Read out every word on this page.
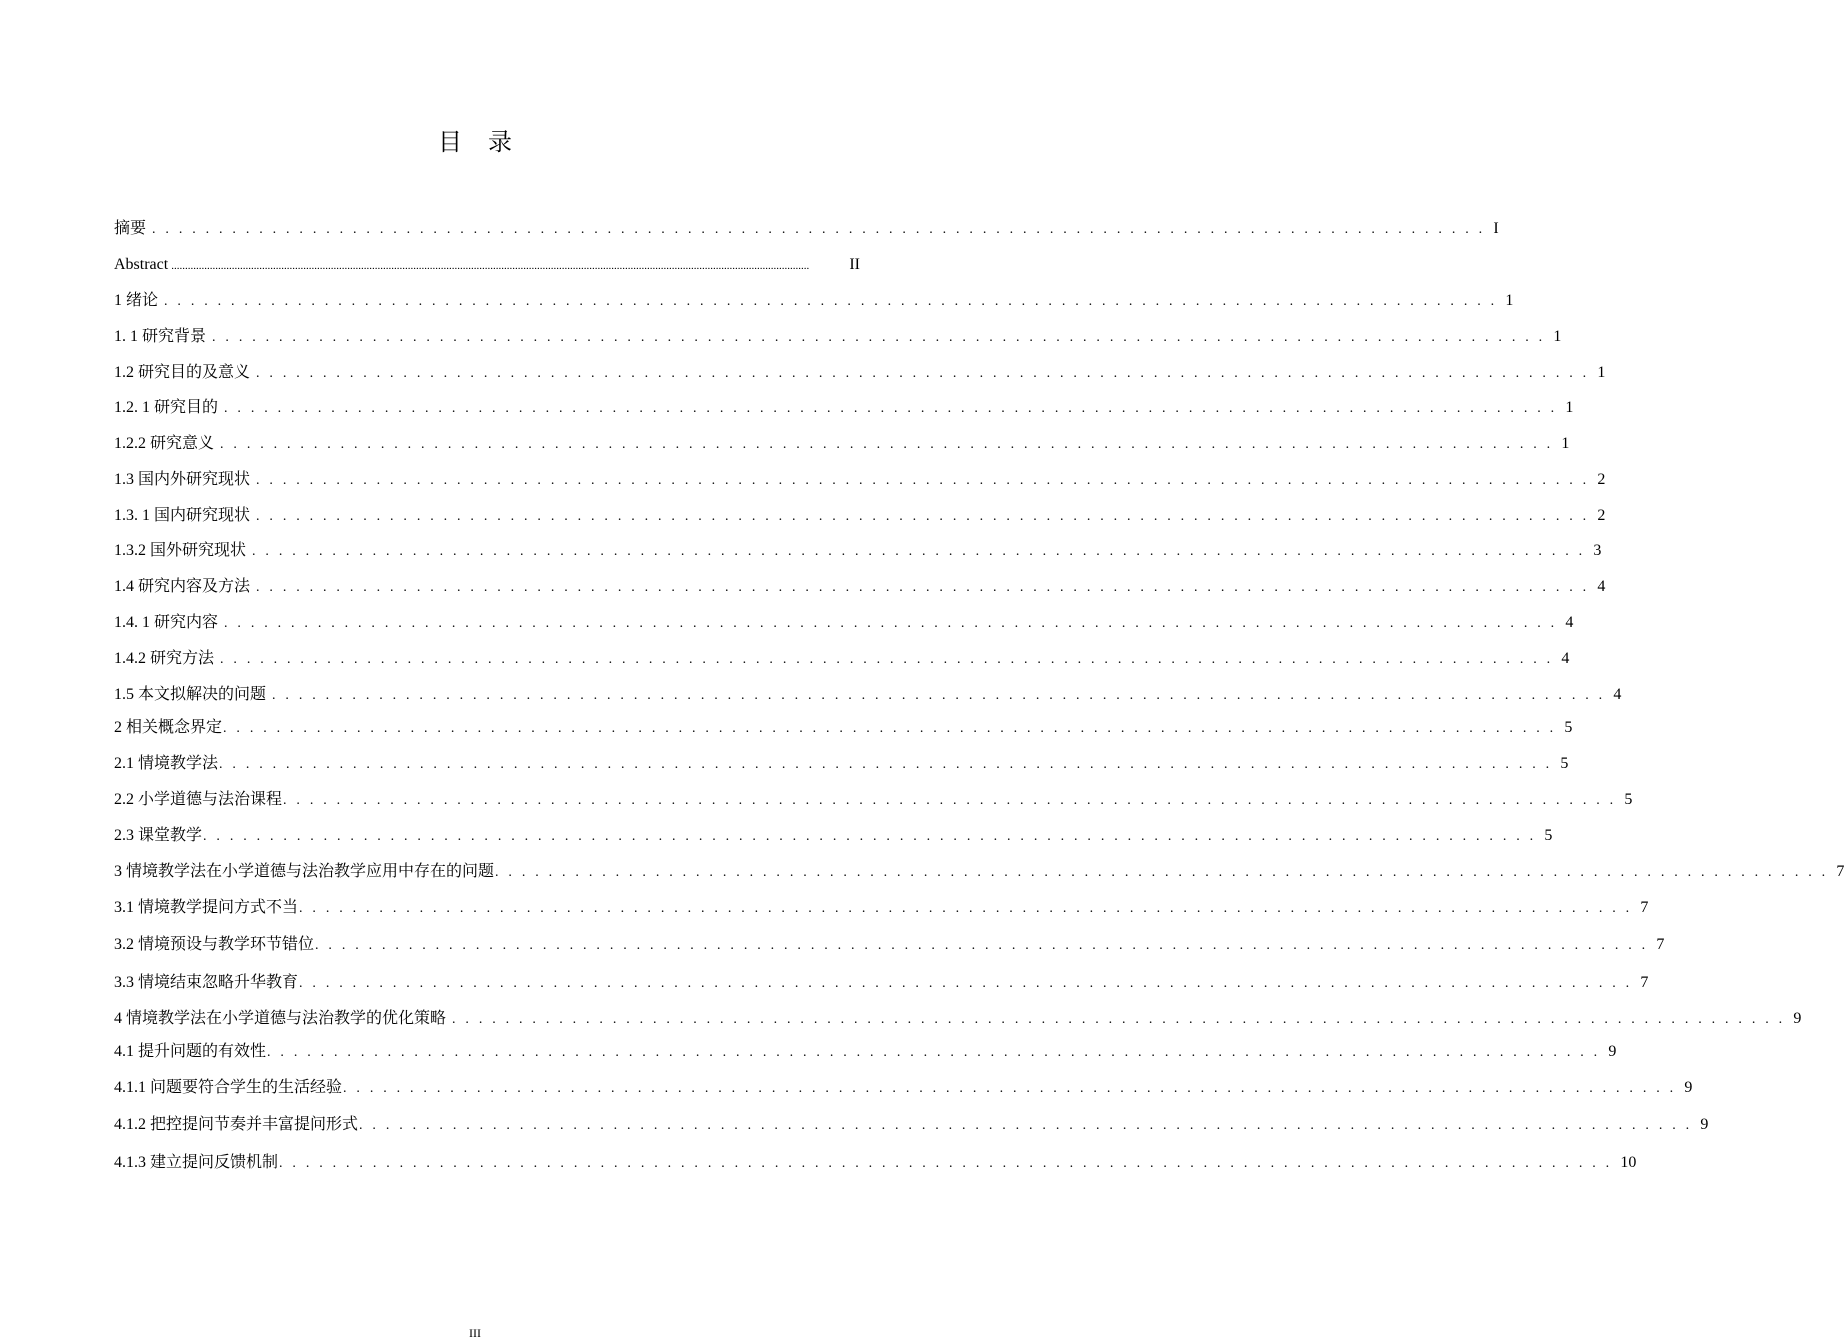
目录
摘要 . . . . . . . . . . . . . . . . . . . . . . . . . . . . . . . . . . . . . . . . . . . . . . . . . . . . . . . . . . . . . . . . . . . . . . . . . . . . . . . . . . . . . . . . . . . . . . . . . . . . I
Abstract ........................................................................................................................................................................................................................................	II
1 绪论 . . . . . . . . . . . . . . . . . . . . . . . . . . . . . . . . . . . . . . . . . . . . . . . . . . . . . . . . . . . . . . . . . . . . . . . . . . . . . . . . . . . . . . . . . . . . . . . . . . . . 1
1. 1 研究背景 . . . . . . . . . . . . . . . . . . . . . . . . . . . . . . . . . . . . . . . . . . . . . . . . . . . . . . . . . . . . . . . . . . . . . . . . . . . . . . . . . . . . . . . . . . . . . . . . . . . . 1
1.2 研究目的及意义 . . . . . . . . . . . . . . . . . . . . . . . . . . . . . . . . . . . . . . . . . . . . . . . . . . . . . . . . . . . . . . . . . . . . . . . . . . . . . . . . . . . . . . . . . . . . . . . . . . . . 1
1.2. 1 研究目的 . . . . . . . . . . . . . . . . . . . . . . . . . . . . . . . . . . . . . . . . . . . . . . . . . . . . . . . . . . . . . . . . . . . . . . . . . . . . . . . . . . . . . . . . . . . . . . . . . . . . 1
1.2.2 研究意义 . . . . . . . . . . . . . . . . . . . . . . . . . . . . . . . . . . . . . . . . . . . . . . . . . . . . . . . . . . . . . . . . . . . . . . . . . . . . . . . . . . . . . . . . . . . . . . . . . . . . 1
1.3 国内外研究现状 . . . . . . . . . . . . . . . . . . . . . . . . . . . . . . . . . . . . . . . . . . . . . . . . . . . . . . . . . . . . . . . . . . . . . . . . . . . . . . . . . . . . . . . . . . . . . . . . . . . . 2
1.3. 1 国内研究现状 . . . . . . . . . . . . . . . . . . . . . . . . . . . . . . . . . . . . . . . . . . . . . . . . . . . . . . . . . . . . . . . . . . . . . . . . . . . . . . . . . . . . . . . . . . . . . . . . . . . . 2
1.3.2 国外研究现状 . . . . . . . . . . . . . . . . . . . . . . . . . . . . . . . . . . . . . . . . . . . . . . . . . . . . . . . . . . . . . . . . . . . . . . . . . . . . . . . . . . . . . . . . . . . . . . . . . . . . 3
1.4 研究内容及方法 . . . . . . . . . . . . . . . . . . . . . . . . . . . . . . . . . . . . . . . . . . . . . . . . . . . . . . . . . . . . . . . . . . . . . . . . . . . . . . . . . . . . . . . . . . . . . . . . . . . . 4
1.4. 1 研究内容 . . . . . . . . . . . . . . . . . . . . . . . . . . . . . . . . . . . . . . . . . . . . . . . . . . . . . . . . . . . . . . . . . . . . . . . . . . . . . . . . . . . . . . . . . . . . . . . . . . . . 4
1.4.2 研究方法 . . . . . . . . . . . . . . . . . . . . . . . . . . . . . . . . . . . . . . . . . . . . . . . . . . . . . . . . . . . . . . . . . . . . . . . . . . . . . . . . . . . . . . . . . . . . . . . . . . . . 4
1.5 本文拟解决的问题 . . . . . . . . . . . . . . . . . . . . . . . . . . . . . . . . . . . . . . . . . . . . . . . . . . . . . . . . . . . . . . . . . . . . . . . . . . . . . . . . . . . . . . . . . . . . . . . . . . . . 4
2 相关概念界定 . . . . . . . . . . . . . . . . . . . . . . . . . . . . . . . . . . . . . . . . . . . . . . . . . . . . . . . . . . . . . . . . . . . . . . . . . . . . . . . . . . . . . . . . . . . . . . . . . . . . 5
2.1 情境教学法 . . . . . . . . . . . . . . . . . . . . . . . . . . . . . . . . . . . . . . . . . . . . . . . . . . . . . . . . . . . . . . . . . . . . . . . . . . . . . . . . . . . . . . . . . . . . . . . . . . . . 5
2.2 小学道德与法治课程 . . . . . . . . . . . . . . . . . . . . . . . . . . . . . . . . . . . . . . . . . . . . . . . . . . . . . . . . . . . . . . . . . . . . . . . . . . . . . . . . . . . . . . . . . . . . . . . . . . . . 5
2.3 课堂教学 . . . . . . . . . . . . . . . . . . . . . . . . . . . . . . . . . . . . . . . . . . . . . . . . . . . . . . . . . . . . . . . . . . . . . . . . . . . . . . . . . . . . . . . . . . . . . . . . . . . . 5
3 情境教学法在小学道德与法治教学应用中存在的问题 . . . . . . . . . . . . . . . . . . . . . . . . . . . . . . . . . . . . . . . . . . . . . . . . . . . . . . . . . . . . . . . . . . . . . . . . . . . . . . . . . . . . . . . . . . . . . . . . . . . . 7
3.1 情境教学提问方式不当 . . . . . . . . . . . . . . . . . . . . . . . . . . . . . . . . . . . . . . . . . . . . . . . . . . . . . . . . . . . . . . . . . . . . . . . . . . . . . . . . . . . . . . . . . . . . . . . . . . . . 7
3.2 情境预设与教学环节错位 . . . . . . . . . . . . . . . . . . . . . . . . . . . . . . . . . . . . . . . . . . . . . . . . . . . . . . . . . . . . . . . . . . . . . . . . . . . . . . . . . . . . . . . . . . . . . . . . . . . . 7
3.3 情境结束忽略升华教育 . . . . . . . . . . . . . . . . . . . . . . . . . . . . . . . . . . . . . . . . . . . . . . . . . . . . . . . . . . . . . . . . . . . . . . . . . . . . . . . . . . . . . . . . . . . . . . . . . . . . 7
4 情境教学法在小学道德与法治教学的优化策略 . . . . . . . . . . . . . . . . . . . . . . . . . . . . . . . . . . . . . . . . . . . . . . . . . . . . . . . . . . . . . . . . . . . . . . . . . . . . . . . . . . . . . . . . . . . . . . . . . . . . 9
4.1 提升问题的有效性 . . . . . . . . . . . . . . . . . . . . . . . . . . . . . . . . . . . . . . . . . . . . . . . . . . . . . . . . . . . . . . . . . . . . . . . . . . . . . . . . . . . . . . . . . . . . . . . . . . . . 9
4.1.1 问题要符合学生的生活经验 . . . . . . . . . . . . . . . . . . . . . . . . . . . . . . . . . . . . . . . . . . . . . . . . . . . . . . . . . . . . . . . . . . . . . . . . . . . . . . . . . . . . . . . . . . . . . . . . . . . . 9
4.1.2 把控提问节奏并丰富提问形式 . . . . . . . . . . . . . . . . . . . . . . . . . . . . . . . . . . . . . . . . . . . . . . . . . . . . . . . . . . . . . . . . . . . . . . . . . . . . . . . . . . . . . . . . . . . . . . . . . . . . 9
4.1.3 建立提问反馈机制 . . . . . . . . . . . . . . . . . . . . . . . . . . . . . . . . . . . . . . . . . . . . . . . . . . . . . . . . . . . . . . . . . . . . . . . . . . . . . . . . . . . . . . . . . . . . . . . . . . . . 10
III
